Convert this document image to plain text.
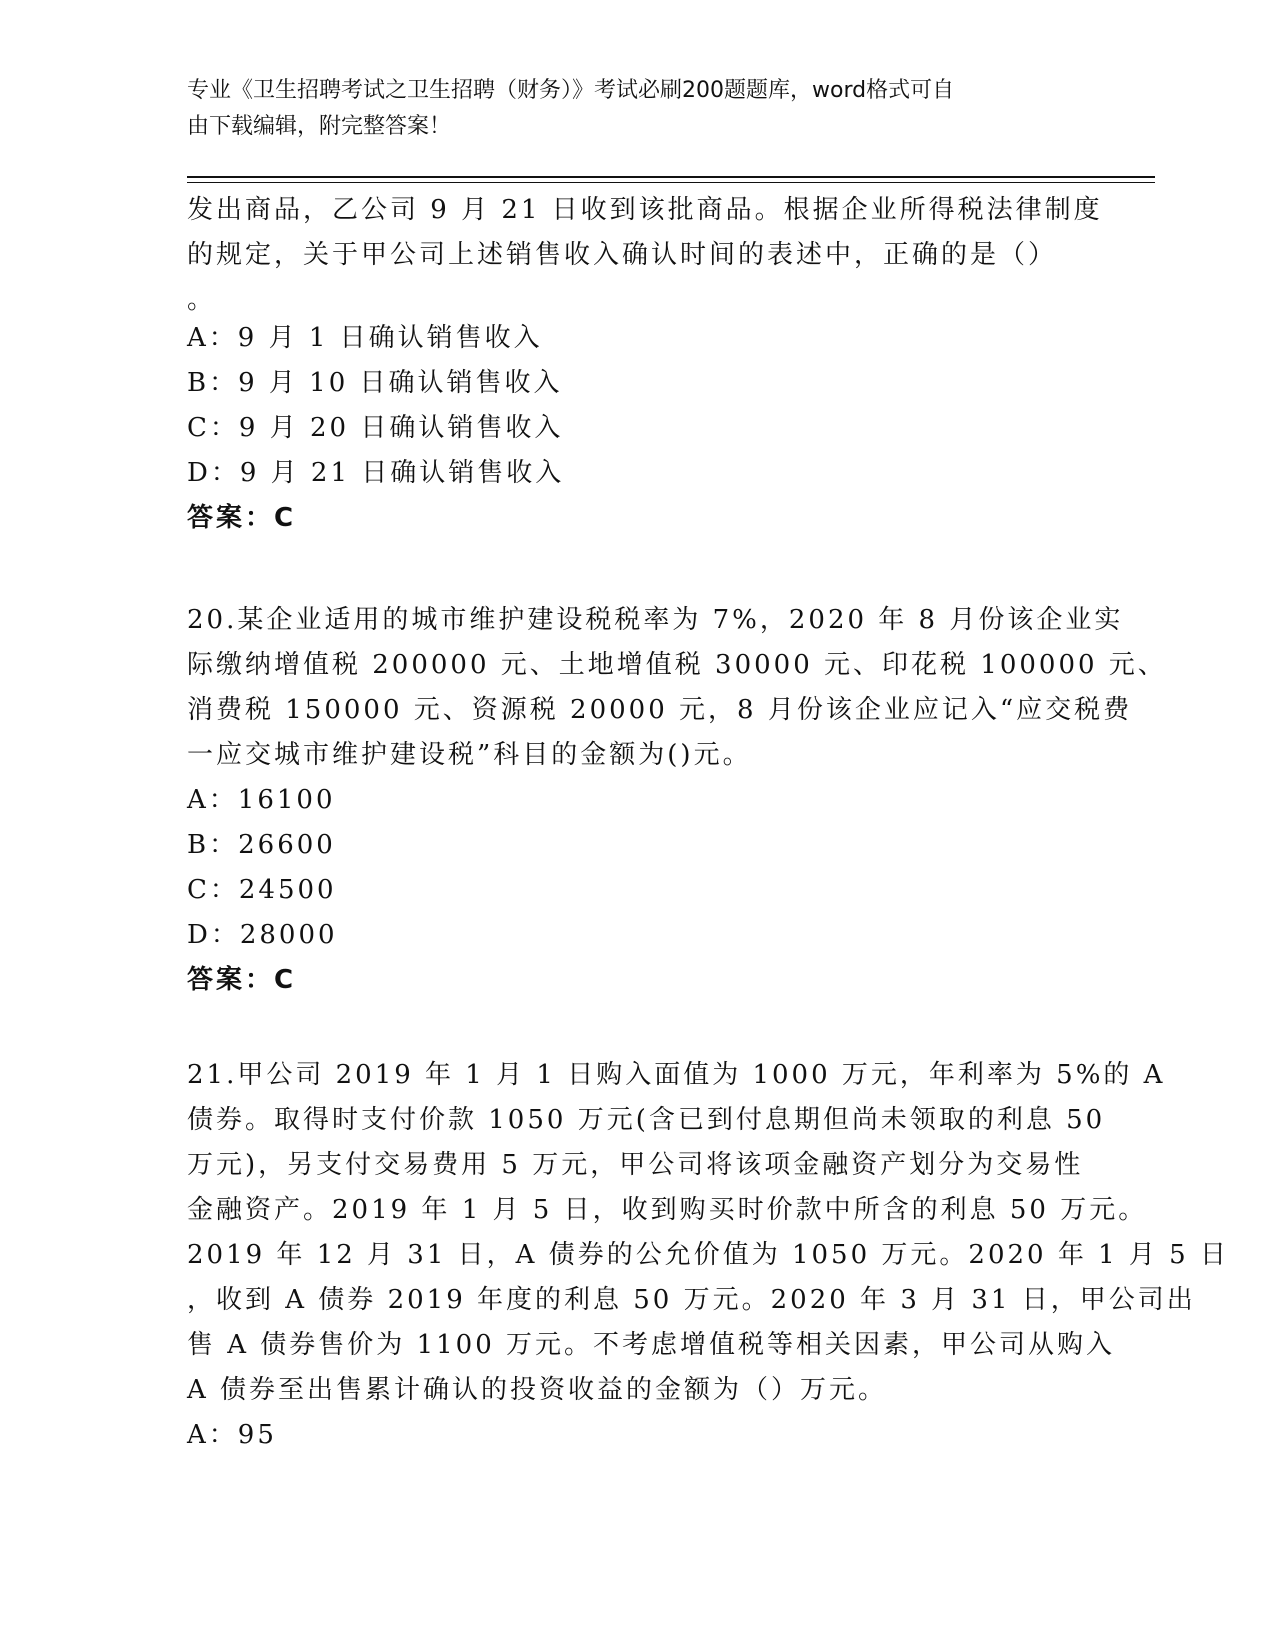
专业《卫生招聘考试之卫生招聘（财务）》考试必刷200题题库，word格式可自
由下载编辑，附完整答案！
发出商品，乙公司 9 月 21 日收到该批商品。根据企业所得税法律制度
的规定，关于甲公司上述销售收入确认时间的表述中，正确的是（）
。
A：9 月 1 日确认销售收入
B：9 月 10 日确认销售收入
C：9 月 20 日确认销售收入
D：9 月 21 日确认销售收入
答案：C
20.某企业适用的城市维护建设税税率为 7%，2020 年 8 月份该企业实
际缴纳增值税 200000 元、土地增值税 30000 元、印花税 100000 元、
消费税 150000 元、资源税 20000 元，8 月份该企业应记入“应交税费
一应交城市维护建设税”科目的金额为()元。
A：16100
B：26600
C：24500
D：28000
答案：C
21.甲公司 2019 年 1 月 1 日购入面值为 1000 万元，年利率为 5%的 A
债券。取得时支付价款 1050 万元(含已到付息期但尚未领取的利息 50
万元)，另支付交易费用 5 万元，甲公司将该项金融资产划分为交易性
金融资产。2019 年 1 月 5 日，收到购买时价款中所含的利息 50 万元。
2019 年 12 月 31 日，A 债券的公允价值为 1050 万元。2020 年 1 月 5 日
，收到 A 债券 2019 年度的利息 50 万元。2020 年 3 月 31 日，甲公司出
售 A 债券售价为 1100 万元。不考虑增值税等相关因素，甲公司从购入
A 债券至出售累计确认的投资收益的金额为（）万元。
A：95
